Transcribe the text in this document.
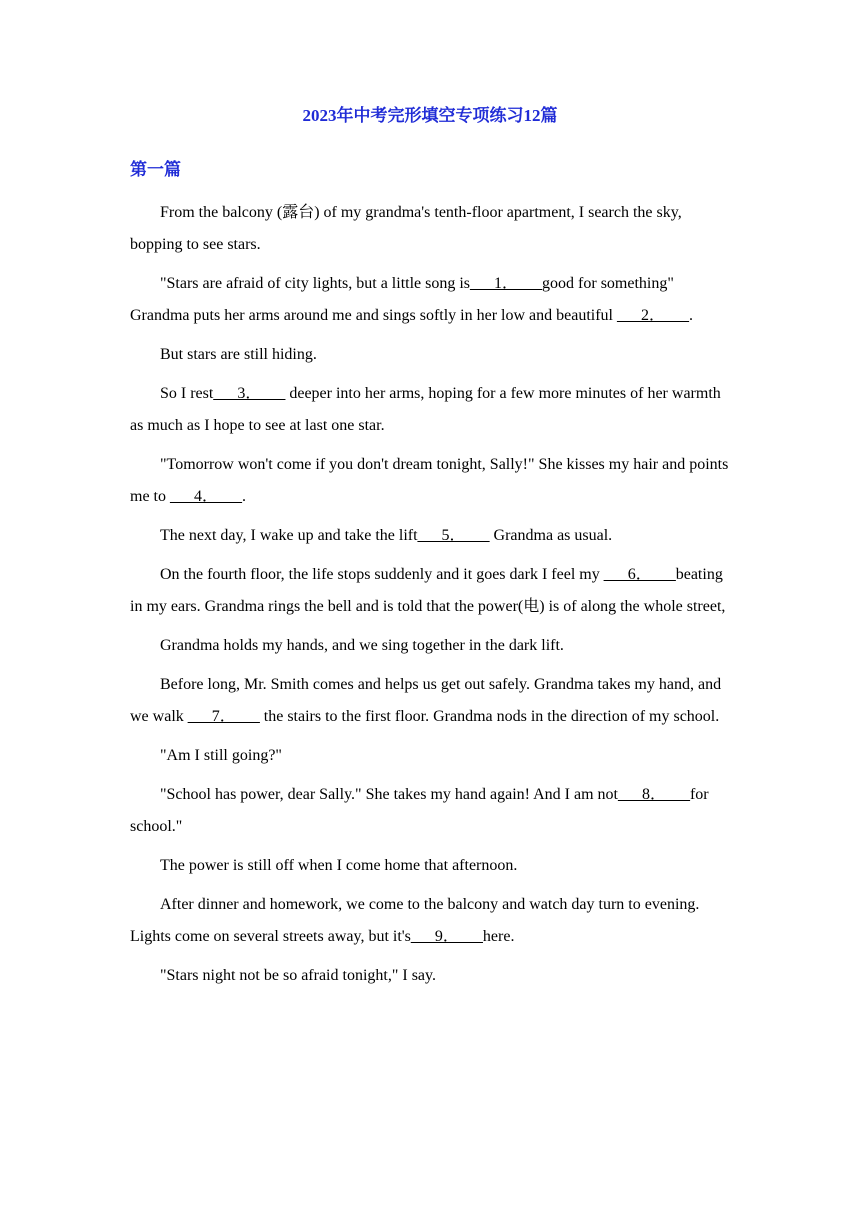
2023年中考完形填空专项练习12篇
第一篇

From the balcony (露台) of my grandma's tenth-floor apartment, I search the sky, bopping to see stars.

"Stars are afraid of city lights, but a little song is___1．___good for something" Grandma puts her arms around me and sings softly in her low and beautiful ___2．___.

But stars are still hiding.

So I rest___3．___ deeper into her arms, hoping for a few more minutes of her warmth as much as I hope to see at last one star.

"Tomorrow won't come if you don't dream tonight, Sally!" She kisses my hair and points me to ___4．___.

The next day, I wake up and take the lift___5．___ Grandma as usual.

On the fourth floor, the life stops suddenly and it goes dark I feel my ___6．___beating in my ears. Grandma rings the bell and is told that the power(电) is of along the whole street,

Grandma holds my hands, and we sing together in the dark lift.

Before long, Mr. Smith comes and helps us get out safely. Grandma takes my hand, and we walk ___7．___ the stairs to the first floor. Grandma nods in the direction of my school.

"Am I still going?"

"School has power, dear Sally." She takes my hand again! And I am not___8．___for school."

The power is still off when I come home that afternoon.

After dinner and homework, we come to the balcony and watch day turn to evening. Lights come on several streets away, but it's___9．___here.

"Stars night not be so afraid tonight," I say.
